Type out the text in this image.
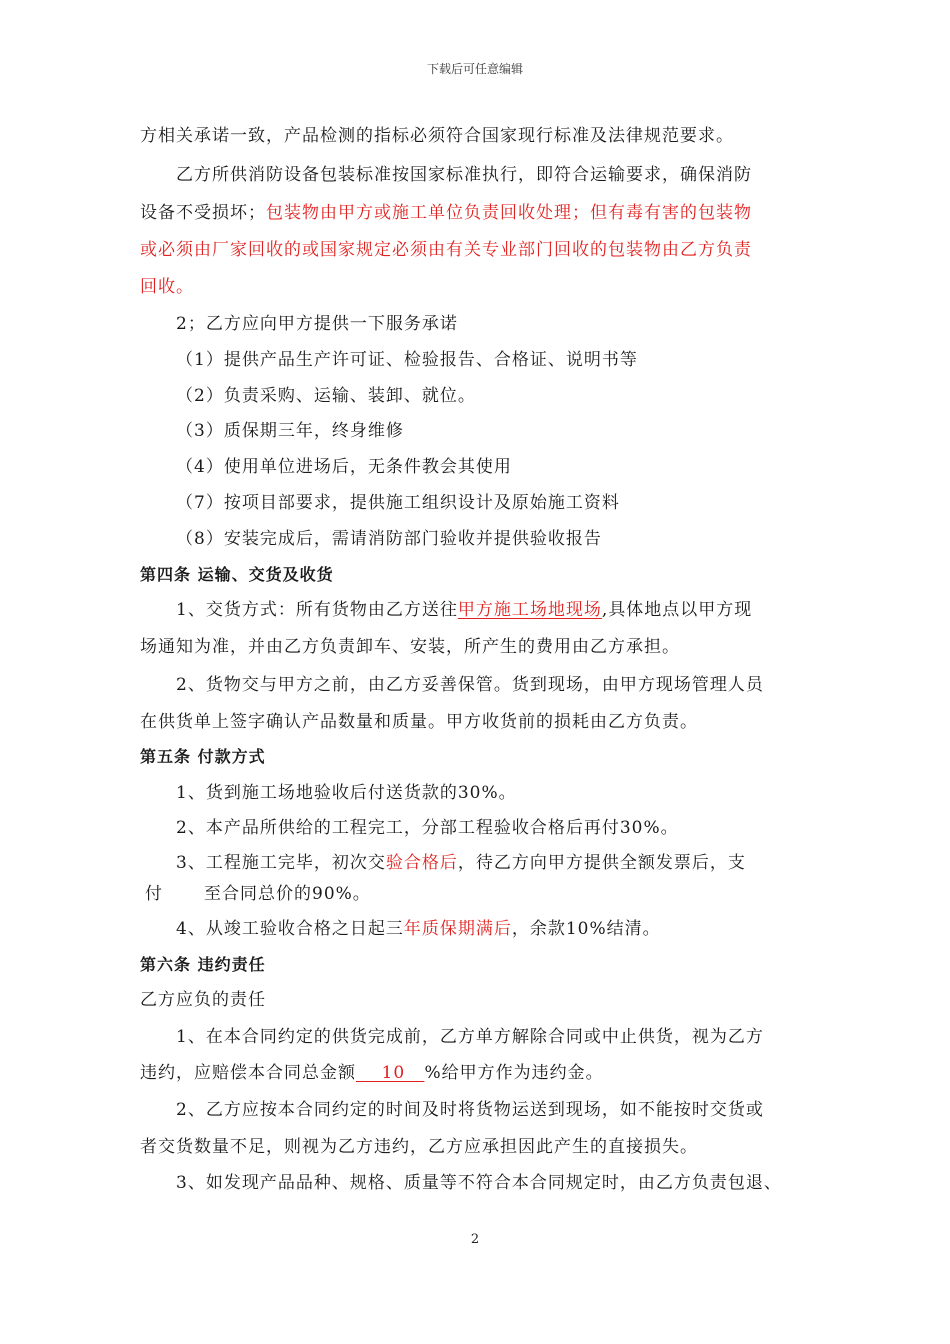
下载后可任意编辑
方相关承诺一致，产品检测的指标必须符合国家现行标准及法律规范要求。
乙方所供消防设备包装标准按国家标准执行，即符合运输要求，确保消防
设备不受损坏；包装物由甲方或施工单位负责回收处理；但有毒有害的包装物
或必须由厂家回收的或国家规定必须由有关专业部门回收的包装物由乙方负责
回收。
2；乙方应向甲方提供一下服务承诺
（1）提供产品生产许可证、检验报告、合格证、说明书等
（2）负责采购、运输、装卸、就位。
（3）质保期三年，终身维修
（4）使用单位进场后，无条件教会其使用
（7）按项目部要求，提供施工组织设计及原始施工资料
（8）安装完成后，需请消防部门验收并提供验收报告
第四条 运输、交货及收货
1、交货方式：所有货物由乙方送往甲方施工场地现场,具体地点以甲方现
场通知为准，并由乙方负责卸车、安装，所产生的费用由乙方承担。
2、货物交与甲方之前，由乙方妥善保管。货到现场，由甲方现场管理人员
在供货单上签字确认产品数量和质量。甲方收货前的损耗由乙方负责。
第五条 付款方式
1、货到施工场地验收后付送货款的30%。
2、本产品所供给的工程完工，分部工程验收合格后再付30%。
3、工程施工完毕，初次交验合格后，待乙方向甲方提供全额发票后，支
付 至合同总价的90%。
4、从竣工验收合格之日起三年质保期满后，余款10%结清。
第六条 违约责任
乙方应负的责任
1、在本合同约定的供货完成前，乙方单方解除合同或中止供货，视为乙方
违约，应赔偿本合同总金额    10   %给甲方作为违约金。
2、乙方应按本合同约定的时间及时将货物运送到现场，如不能按时交货或
者交货数量不足，则视为乙方违约，乙方应承担因此产生的直接损失。
3、如发现产品品种、规格、质量等不符合本合同规定时，由乙方负责包退、
2
